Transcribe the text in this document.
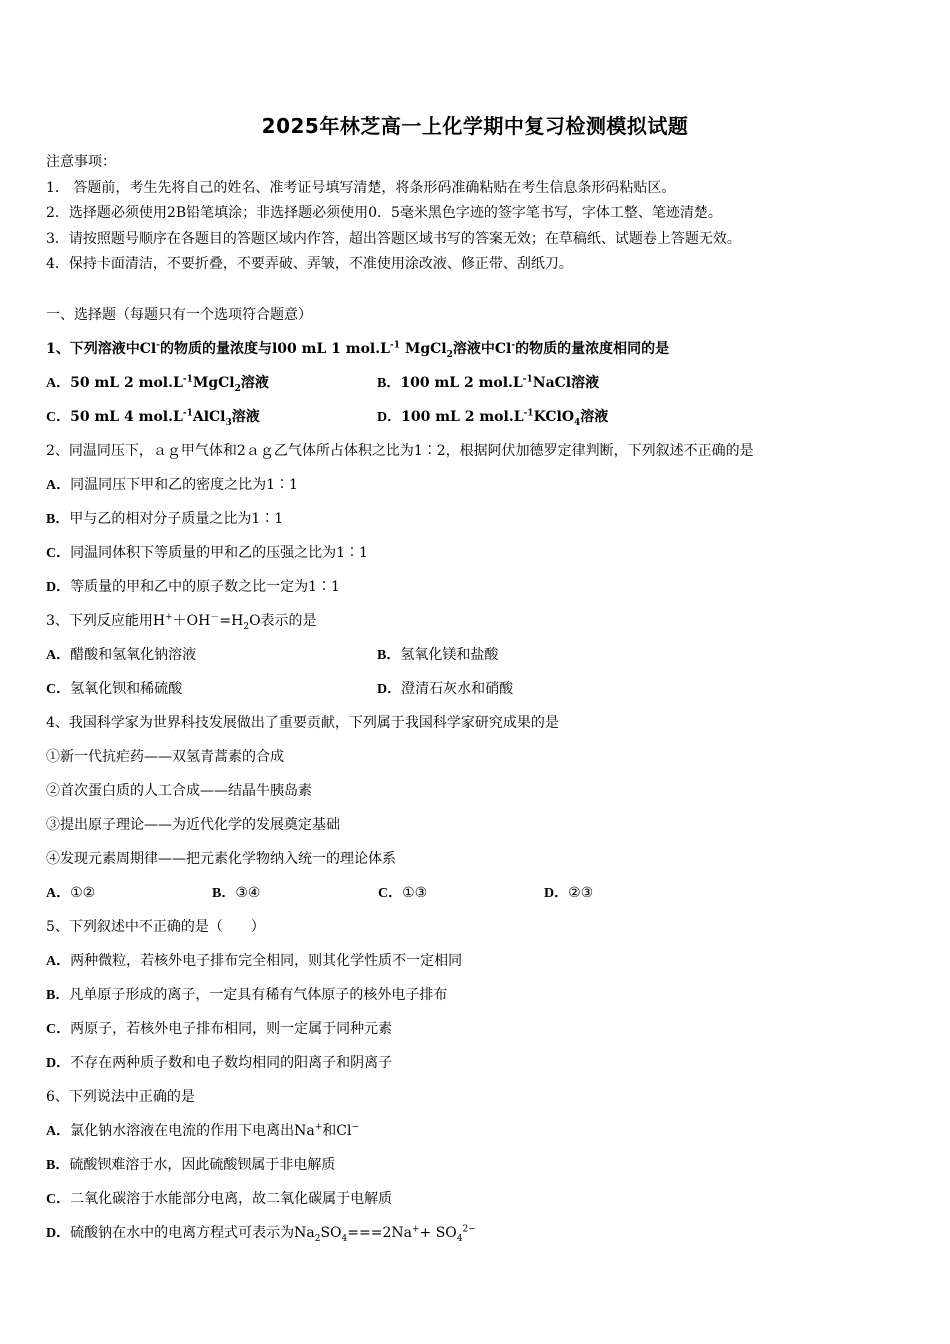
2025年林芝高一上化学期中复习检测模拟试题
注意事项：
1． 答题前，考生先将自己的姓名、准考证号填写清楚，将条形码准确粘贴在考生信息条形码粘贴区。
2．选择题必须使用2B铅笔填涂；非选择题必须使用0．5毫米黑色字迹的签字笔书写，字体工整、笔迹清楚。
3．请按照题号顺序在各题目的答题区域内作答，超出答题区域书写的答案无效；在草稿纸、试题卷上答题无效。
4．保持卡面清洁，不要折叠，不要弄破、弄皱，不准使用涂改液、修正带、刮纸刀。
一、选择题（每题只有一个选项符合题意）
1、下列溶液中Cl-的物质的量浓度与l00 mL 1 $mol.L^{-1}$ MgCl$_2$溶液中Cl-的物质的量浓度相同的是
A．50 mL 2 $mol.L^{-1}MgCl_2$溶液	B．100 mL 2 $mol.L^{-1}NaCl$溶液
C．50 mL 4 $mol.L^{-1}AlCl_3$溶液	D．100 mL 2 $mol.L^{-1}KClO_4$溶液
2、同温同压下，ａｇ甲气体和2ａｇ乙气体所占体积之比为1∶2，根据阿伏加德罗定律判断，下列叙述不正确的是
A．同温同压下甲和乙的密度之比为1∶1
B．甲与乙的相对分子质量之比为1∶1
C．同温同体积下等质量的甲和乙的压强之比为1∶1
D．等质量的甲和乙中的原子数之比一定为1∶1
3、下列反应能用$H^++OH^-=H_2O$表示的是
A．醋酸和氢氧化钠溶液	B．氢氧化镁和盐酸
C．氢氧化钡和稀硫酸	D．澄清石灰水和硝酸
4、我国科学家为世界科技发展做出了重要贡献，下列属于我国科学家研究成果的是
①新一代抗疟药——双氢青蒿素的合成
②首次蛋白质的人工合成——结晶牛胰岛素
③提出原子理论——为近代化学的发展奠定基础
④发现元素周期律——把元素化学物纳入统一的理论体系
A．①②	B．③④	C．①③	D．②③
5、下列叙述中不正确的是（　　）
A．两种微粒，若核外电子排布完全相同，则其化学性质不一定相同
B．凡单原子形成的离子，一定具有稀有气体原子的核外电子排布
C．两原子，若核外电子排布相同，则一定属于同种元素
D．不存在两种质子数和电子数均相同的阳离子和阴离子
6、下列说法中正确的是
A．氯化钠水溶液在电流的作用下电离出Na+和Cl−
B．硫酸钡难溶于水，因此硫酸钡属于非电解质
C．二氧化碳溶于水能部分电离，故二氧化碳属于电解质
D．硫酸钠在水中的电离方程式可表示为$Na_2SO_4===2Na^++ SO_4^{2-}$
